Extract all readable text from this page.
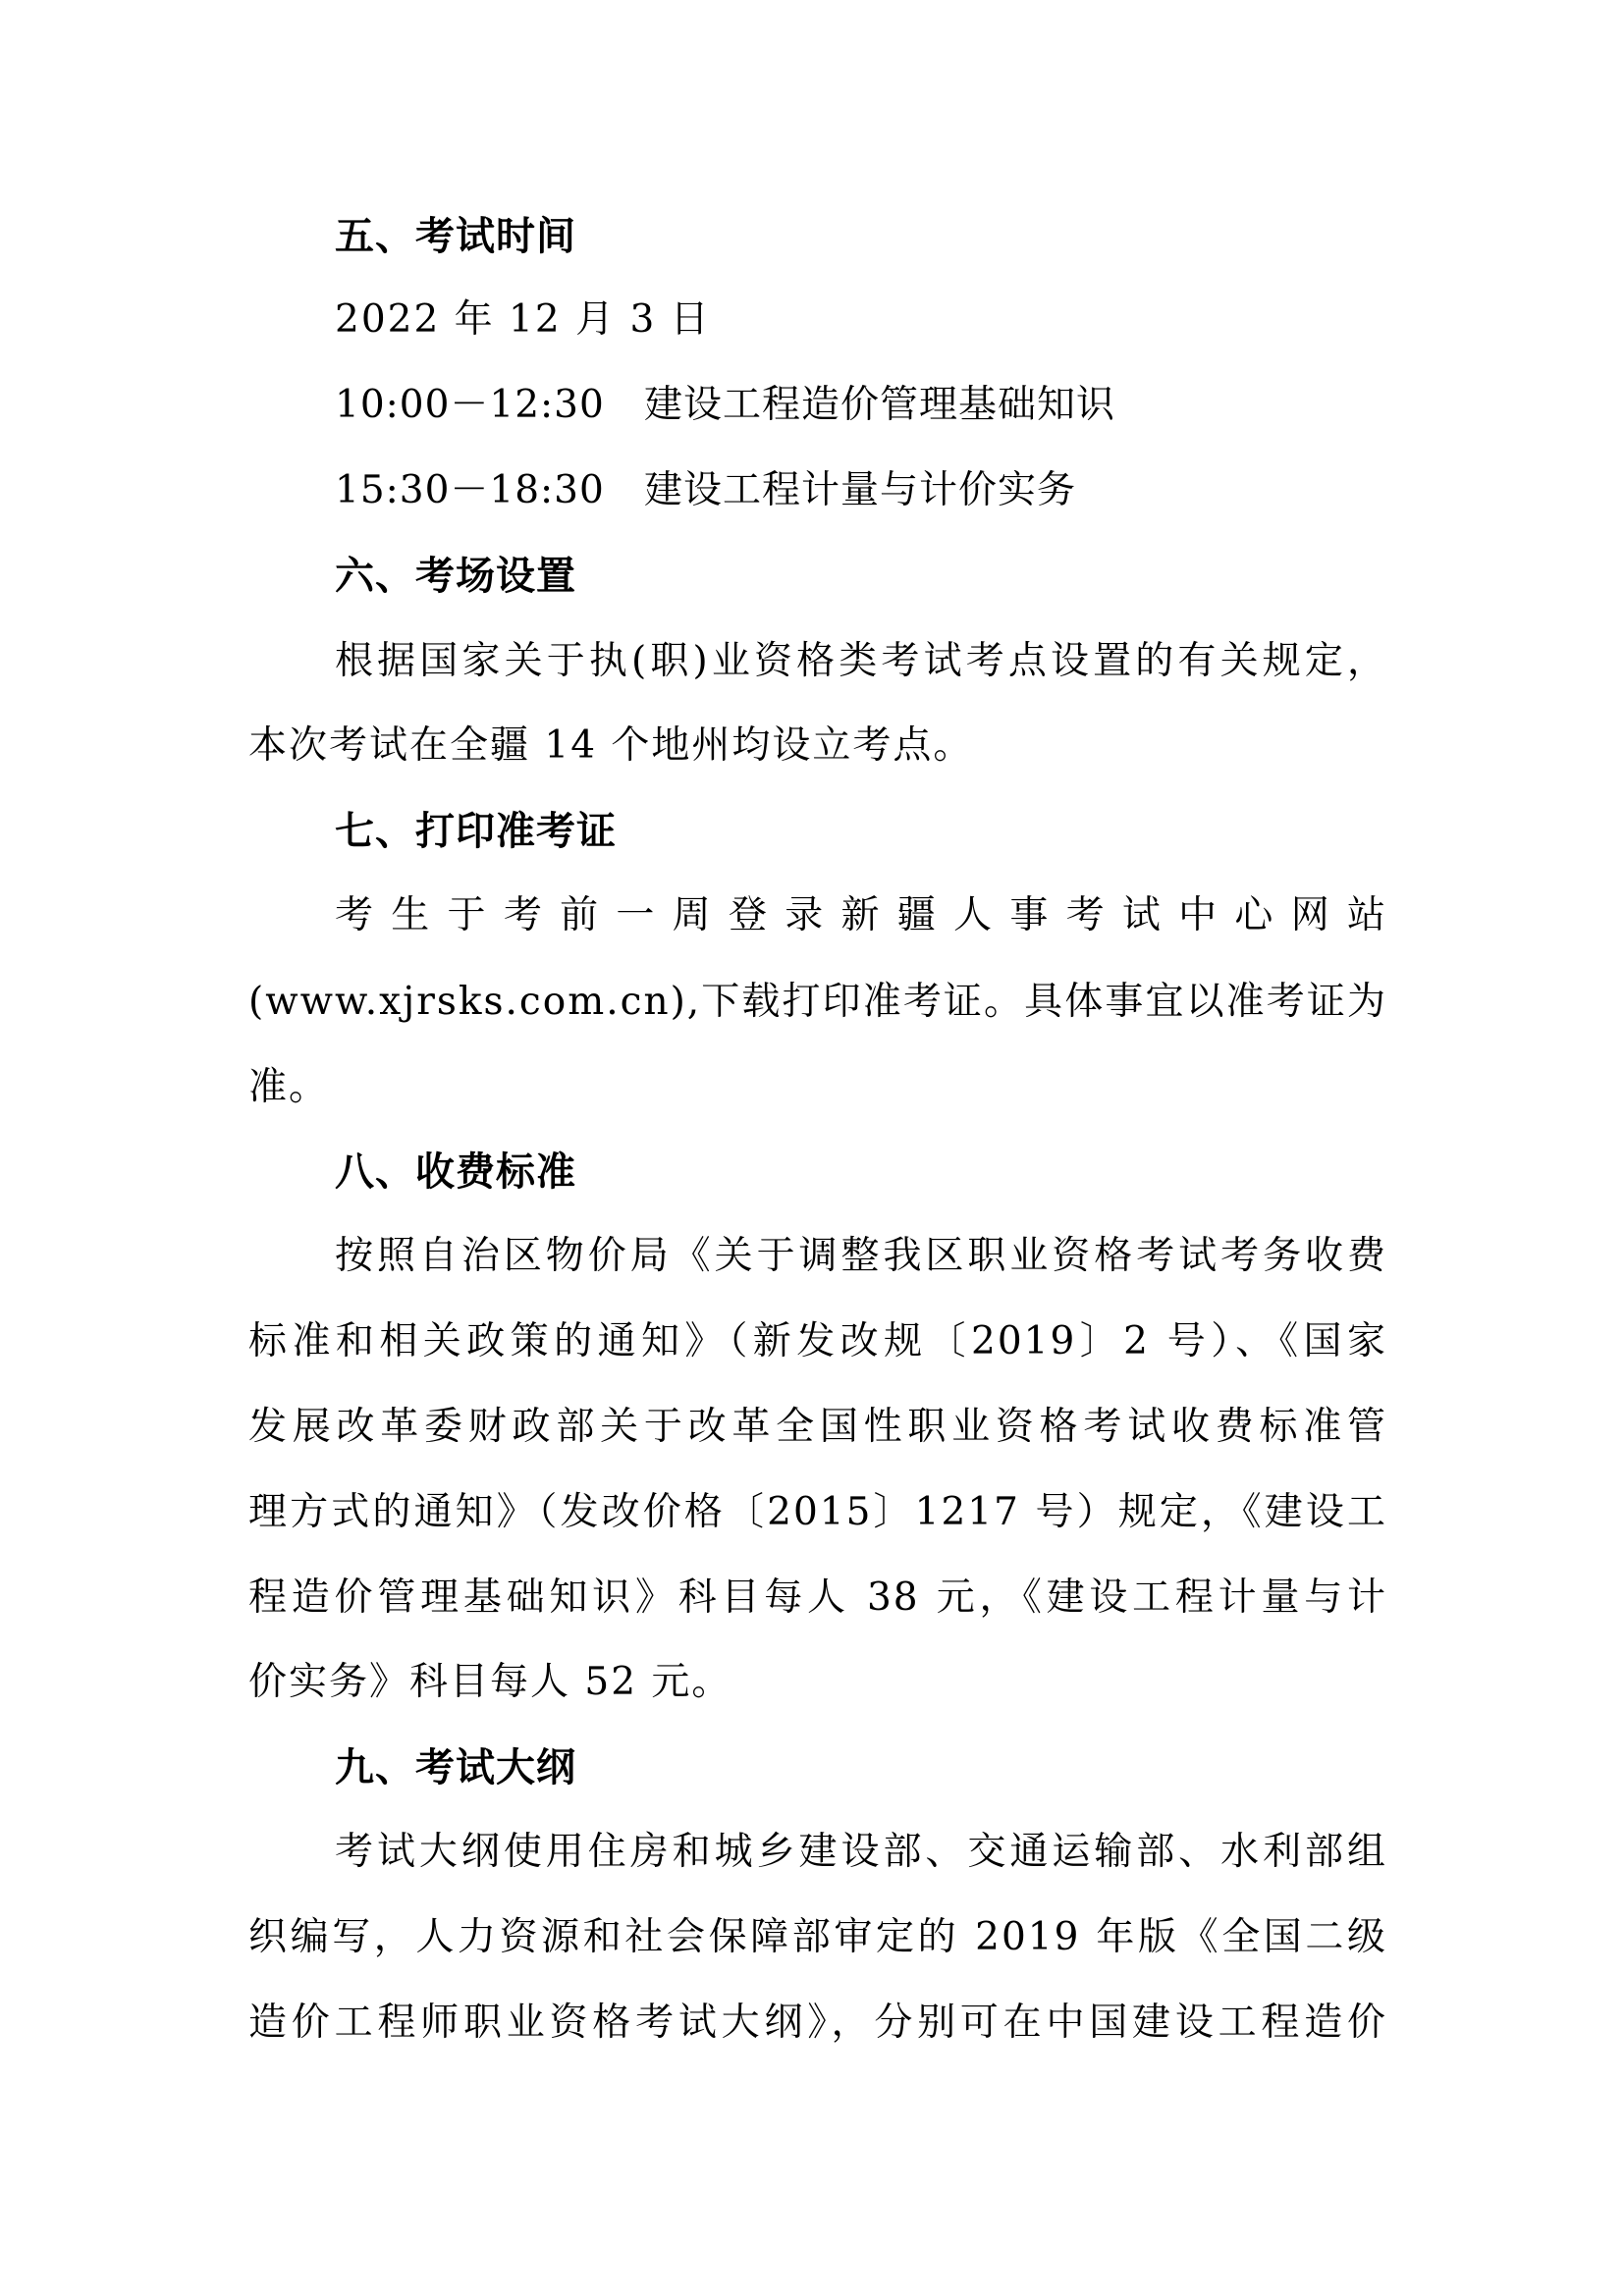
五、考试时间
2022 年 12 月 3 日
10:00－12:30 建设工程造价管理基础知识
15:30－18:30 建设工程计量与计价实务
六、考场设置
根据国家关于执(职)业资格类考试考点设置的有关规定，
本次考试在全疆 14 个地州均设立考点。
七、打印准考证
考生于考前一周登录新疆人事考试中心网站
(www.xjrsks.com.cn),下载打印准考证。具体事宜以准考证为
准。
八、收费标准
按照自治区物价局《关于调整我区职业资格考试考务收费
标准和相关政策的通知》（新发改规〔2019〕2 号）、《国家
发展改革委财政部关于改革全国性职业资格考试收费标准管
理方式的通知》（发改价格〔2015〕1217 号）规定，《建设工
程造价管理基础知识》科目每人 38 元，《建设工程计量与计
价实务》科目每人 52 元。
九、考试大纲
考试大纲使用住房和城乡建设部、交通运输部、水利部组
织编写，人力资源和社会保障部审定的 2019 年版《全国二级
造价工程师职业资格考试大纲》，分别可在中国建设工程造价
